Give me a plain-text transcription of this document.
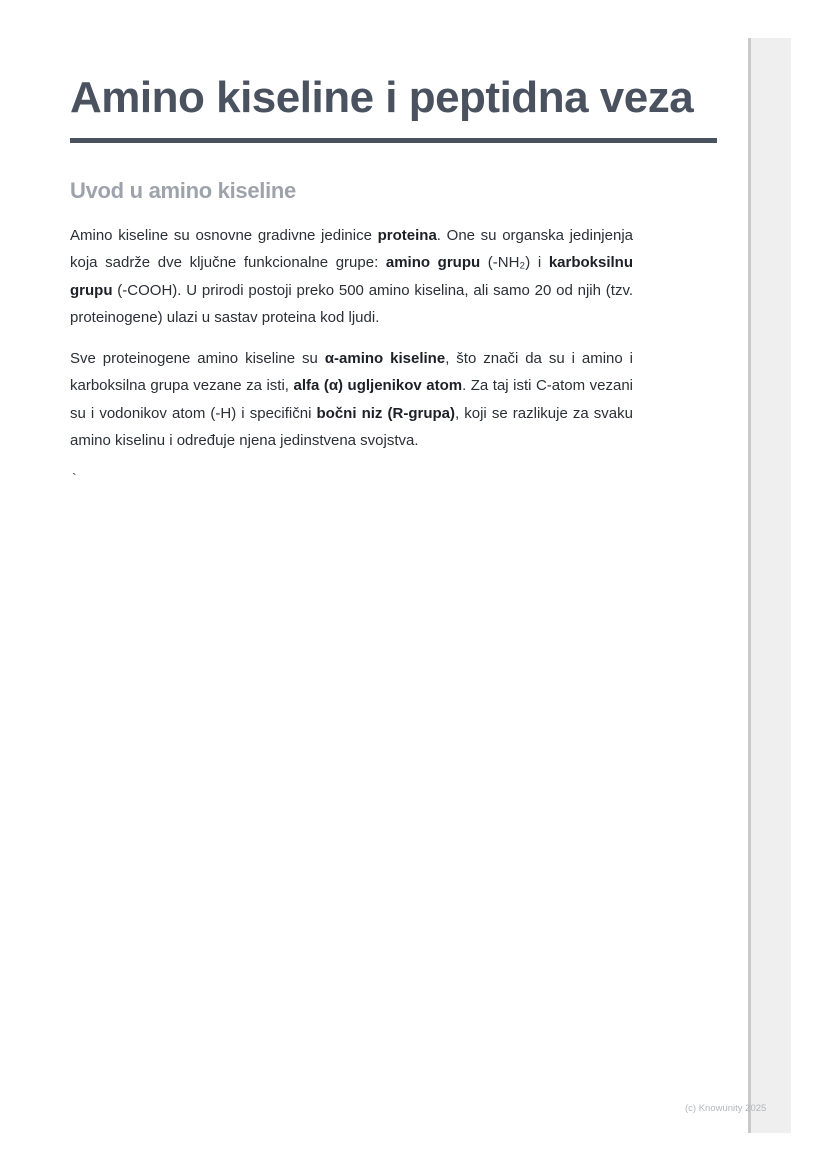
Amino kiseline i peptidna veza
Uvod u amino kiseline

Amino kiseline su osnovne gradivne jedinice proteina. One su organska jedinjenja koja sadrže dve ključne funkcionalne grupe: amino grupu (-NH₂) i karboksilnu grupu (-COOH). U prirodi postoji preko 500 amino kiselina, ali samo 20 od njih (tzv. proteinogene) ulazi u sastav proteina kod ljudi.

Sve proteinogene amino kiseline su α-amino kiseline, što znači da su i amino i karboksilna grupa vezane za isti, alfa (α) ugljenikov atom. Za taj isti C-atom vezani su i vodonikov atom (-H) i specifični bočni niz (R-grupa), koji se razlikuje za svaku amino kiselinu i određuje njena jedinstvena svojstva.

`
(c) Knowunity 2025
